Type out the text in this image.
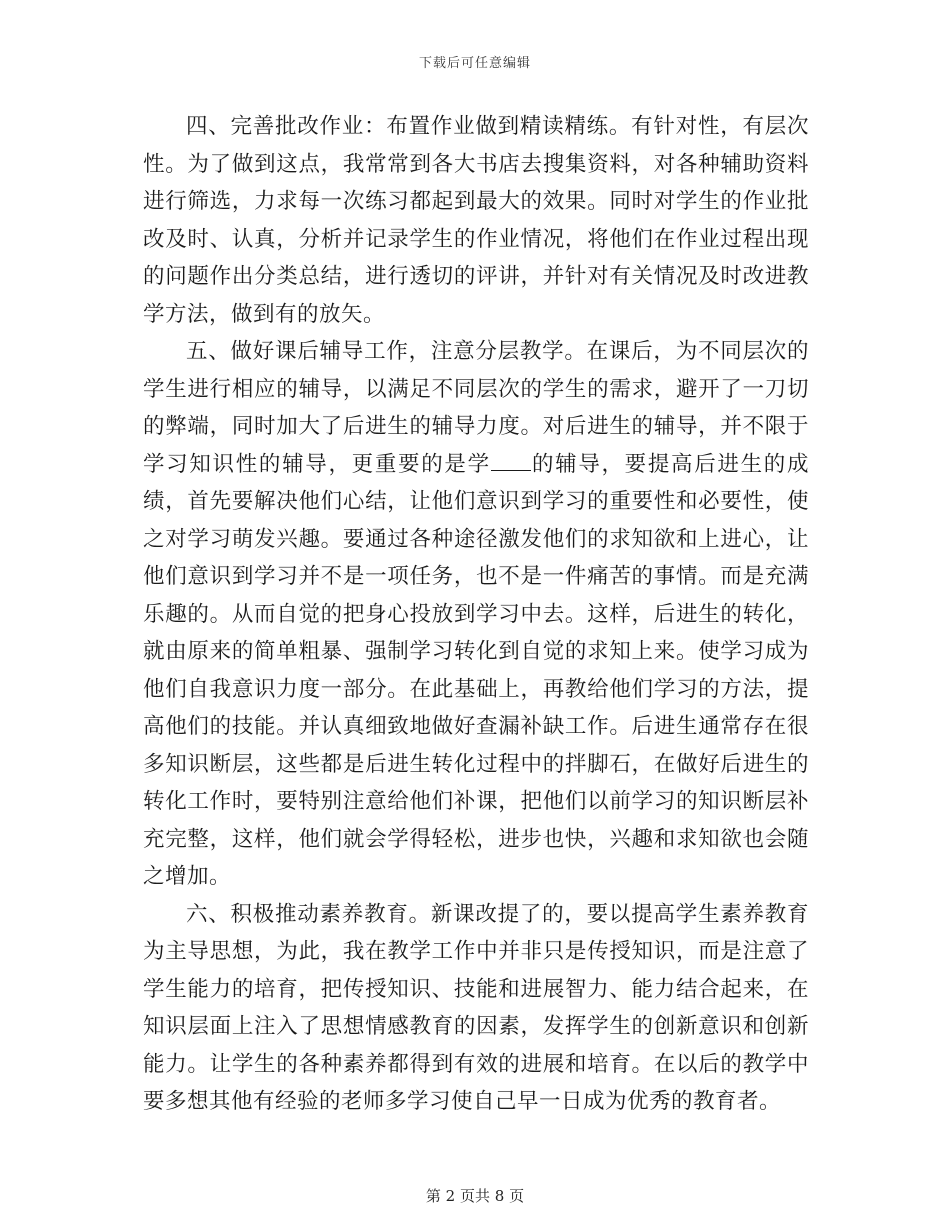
下载后可任意编辑

四、完善批改作业：布置作业做到精读精练。有针对性，有层次性。为了做到这点，我常常到各大书店去搜集资料，对各种辅助资料进行筛选，力求每一次练习都起到最大的效果。同时对学生的作业批改及时、认真，分析并记录学生的作业情况，将他们在作业过程出现的问题作出分类总结，进行透切的评讲，并针对有关情况及时改进教学方法，做到有的放矢。

五、做好课后辅导工作，注意分层教学。在课后，为不同层次的学生进行相应的辅导，以满足不同层次的学生的需求，避开了一刀切的弊端，同时加大了后进生的辅导力度。对后进生的辅导，并不限于学习知识性的辅导，更重要的是学 的辅导，要提高后进生的成绩，首先要解决他们心结，让他们意识到学习的重要性和必要性，使之对学习萌发兴趣。要通过各种途径激发他们的求知欲和上进心，让他们意识到学习并不是一项任务，也不是一件痛苦的事情。而是充满乐趣的。从而自觉的把身心投放到学习中去。这样，后进生的转化，就由原来的简单粗暴、强制学习转化到自觉的求知上来。使学习成为他们自我意识力度一部分。在此基础上，再教给他们学习的方法，提高他们的技能。并认真细致地做好查漏补缺工作。后进生通常存在很多知识断层，这些都是后进生转化过程中的拌脚石，在做好后进生的转化工作时，要特别注意给他们补课，把他们以前学习的知识断层补充完整，这样，他们就会学得轻松，进步也快，兴趣和求知欲也会随之增加。

六、积极推动素养教育。新课改提了的，要以提高学生素养教育为主导思想，为此，我在教学工作中并非只是传授知识，而是注意了学生能力的培育，把传授知识、技能和进展智力、能力结合起来，在知识层面上注入了思想情感教育的因素，发挥学生的创新意识和创新能力。让学生的各种素养都得到有效的进展和培育。在以后的教学中要多想其他有经验的老师多学习使自己早一日成为优秀的教育者。

第 2 页共 8 页
